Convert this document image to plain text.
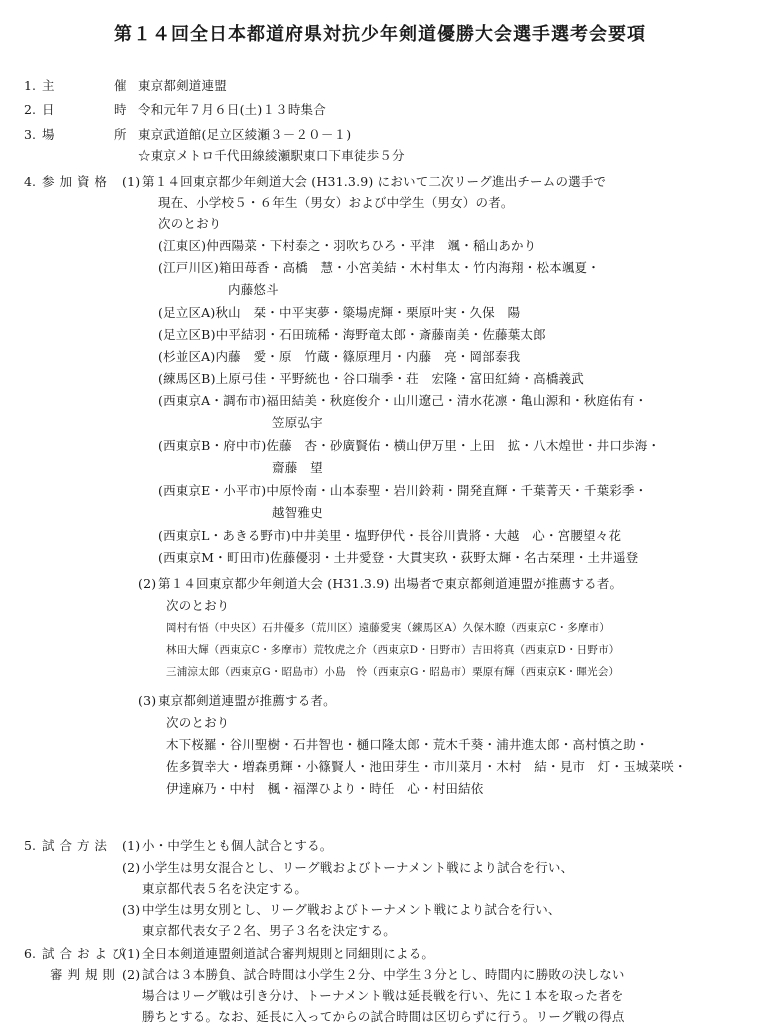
第１４回全日本都道府県対抗少年剣道優勝大会選手選考会要項
1. 主	催 東京都剣道連盟
2. 日	時 令和元年７月６日(土)１３時集合
3. 場	所 東京武道館(足立区綾瀬３－２０－１)
☆東京メトロ千代田線綾瀬駅東口下車徒歩５分
4. 参 加 資 格 (1) 第１４回東京都少年剣道大会 (H31.3.9) において二次リーグ進出チームの選手で
現在、小学校５・６年生（男女）および中学生（男女）の者。
次のとおり
(江東区)仲西陽菜・下村泰之・羽吹ちひろ・平津　颯・稲山あかり
(江戸川区)箱田苺香・高橋　慧・小宮美結・木村隼太・竹内海翔・松本颯夏・
内藤悠斗
(足立区A)秋山　栞・中平実夢・簗場虎輝・栗原叶実・久保　陽
(足立区B)中平結羽・石田琉稀・海野竜太郎・斎藤南美・佐藤葉太郎
(杉並区A)内藤　愛・原　竹蔵・篠原理月・内藤　亮・岡部泰我
(練馬区B)上原弓佳・平野統也・谷口瑞季・荘　宏隆・富田紅綺・高橋義武
(西東京A・調布市)福田結美・秋庭俊介・山川遼己・清水花凛・亀山源和・秋庭佑有・
笠原弘宇
(西東京B・府中市)佐藤　杏・砂廣賢佑・横山伊万里・上田　拡・八木煌世・井口歩海・
齋藤　望
(西東京E・小平市)中原怜南・山本泰聖・岩川鈴莉・開発直輝・千葉菁天・千葉彩季・
越智雅史
(西東京L・あきる野市)中井美里・塩野伊代・長谷川貴將・大越　心・宮腰望々花
(西東京M・町田市)佐藤優羽・土井愛登・大貫実玖・荻野太輝・名古栞理・土井遥登
(2) 第１４回東京都少年剣道大会 (H31.3.9) 出場者で東京都剣道連盟が推薦する者。
次のとおり
岡村有悟（中央区）石井優多（荒川区）遠藤愛実（練馬区A）久保木瞭（西東京C・多摩市）
林田大輝（西東京C・多摩市）荒牧虎之介（西東京D・日野市）吉田将真（西東京D・日野市）
三浦涼太郎（西東京G・昭島市）小島　怜（西東京G・昭島市）栗原有輝（西東京K・暉光会）
(3) 東京都剣道連盟が推薦する者。
次のとおり
木下桜羅・谷川聖樹・石井智也・樋口隆太郎・荒木千葵・浦井進太郎・高村慎之助・
佐多賀幸大・増森勇輝・小篠賢人・池田芽生・市川菜月・木村　結・見市　灯・玉城菜咲・
伊達麻乃・中村　楓・福澤ひより・時任　心・村田結依
5. 試 合 方 法 (1) 小・中学生とも個人試合とする。
(2) 小学生は男女混合とし、リーグ戦およびトーナメント戦により試合を行い、
東京都代表５名を決定する。
(3) 中学生は男女別とし、リーグ戦およびトーナメント戦により試合を行い、
東京都代表女子２名、男子３名を決定する。
6. 試 合 お よ び
(1) 全日本剣道連盟剣道試合審判規則と同細則による。
審 判 規 則 (2) 試合は３本勝負、試合時間は小学生２分、中学生３分とし、時間内に勝敗の決しない
場合はリーグ戦は引き分け、トーナメント戦は延長戦を行い、先に１本を取った者を
勝ちとする。なお、延長に入ってからの試合時間は区切らずに行う。リーグ戦の得点
